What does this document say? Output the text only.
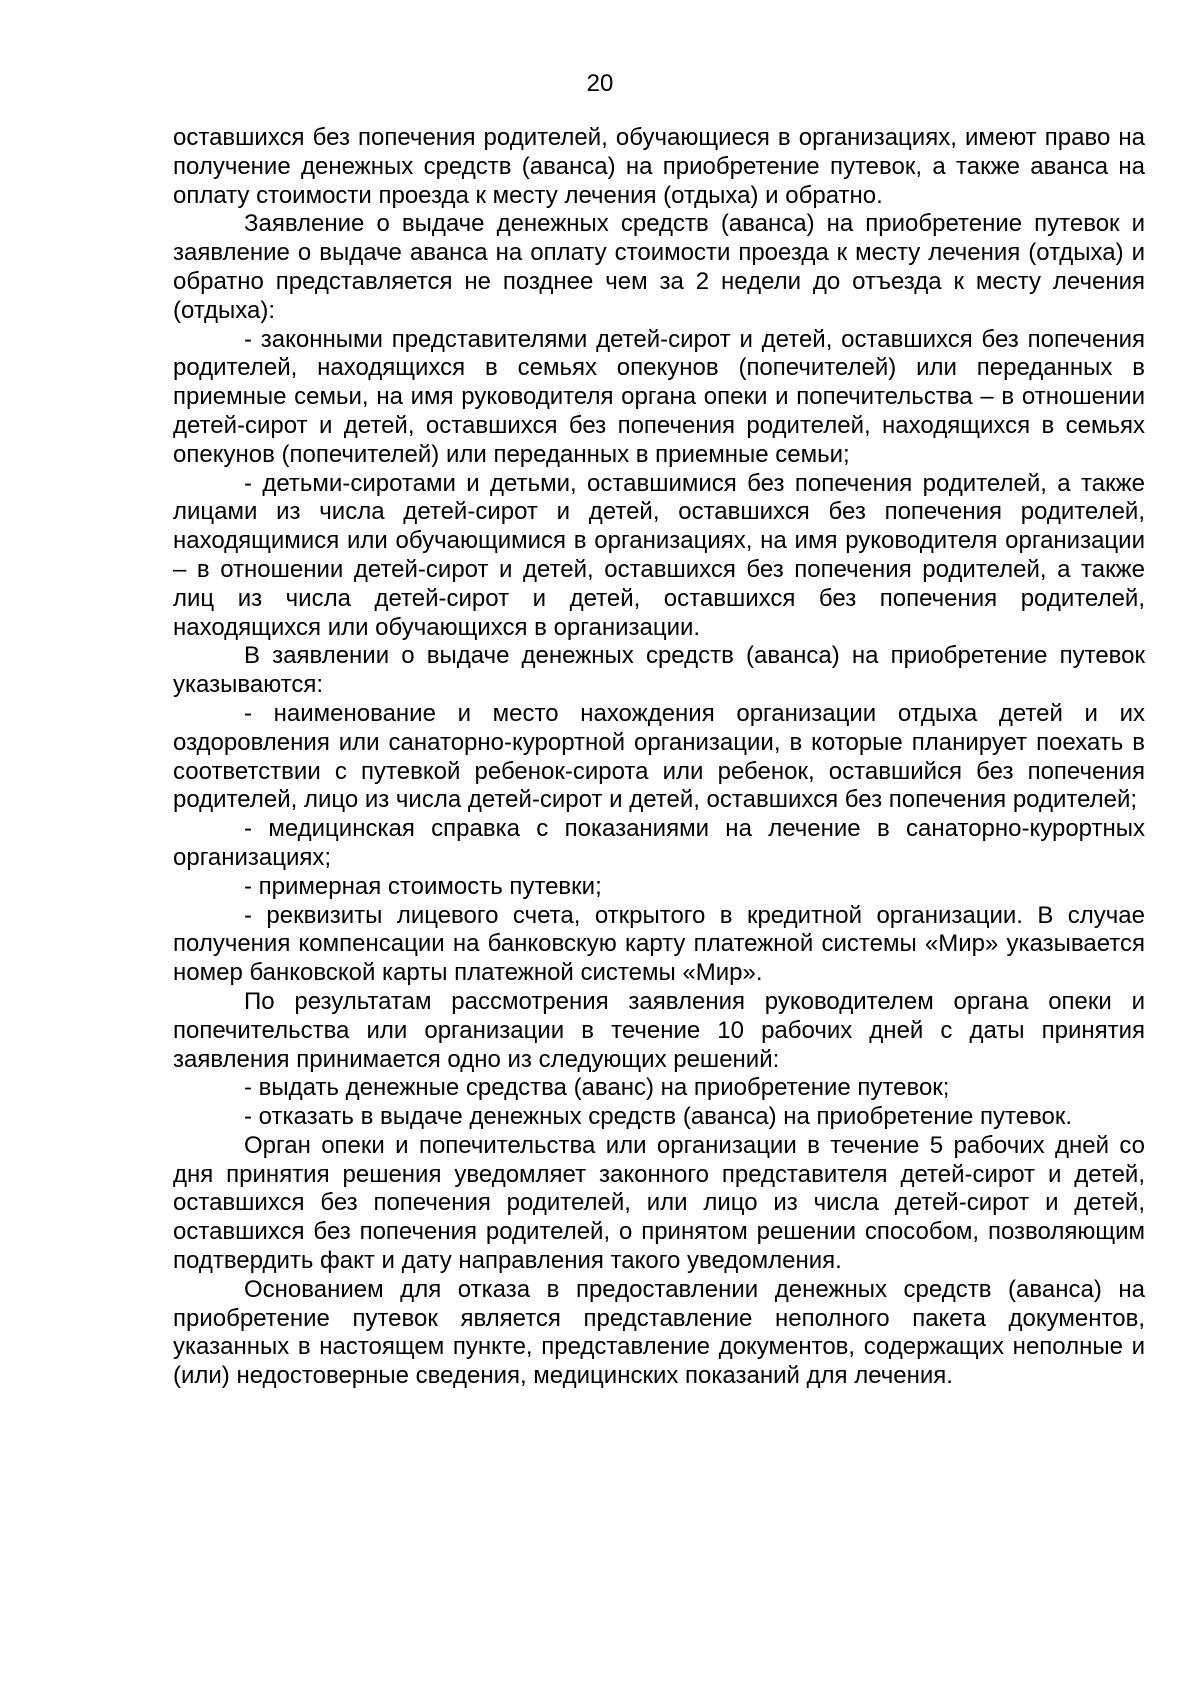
20

оставшихся без попечения родителей, обучающиеся в организациях, имеют право на получение денежных средств (аванса) на приобретение путевок, а также аванса на оплату стоимости проезда к месту лечения (отдыха) и обратно.

Заявление о выдаче денежных средств (аванса) на приобретение путевок и заявление о выдаче аванса на оплату стоимости проезда к месту лечения (отдыха) и обратно представляется не позднее чем за 2 недели до отъезда к месту лечения (отдыха):

- законными представителями детей-сирот и детей, оставшихся без попечения родителей, находящихся в семьях опекунов (попечителей) или переданных в приемные семьи, на имя руководителя органа опеки и попечительства – в отношении детей-сирот и детей, оставшихся без попечения родителей, находящихся в семьях опекунов (попечителей) или переданных в приемные семьи;

- детьми-сиротами и детьми, оставшимися без попечения родителей, а также лицами из числа детей-сирот и детей, оставшихся без попечения родителей, находящимися или обучающимися в организациях, на имя руководителя организации – в отношении детей-сирот и детей, оставшихся без попечения родителей, а также лиц из числа детей-сирот и детей, оставшихся без попечения родителей, находящихся или обучающихся в организации.

В заявлении о выдаче денежных средств (аванса) на приобретение путевок указываются:

- наименование и место нахождения организации отдыха детей и их оздоровления или санаторно-курортной организации, в которые планирует поехать в соответствии с путевкой ребенок-сирота или ребенок, оставшийся без попечения родителей, лицо из числа детей-сирот и детей, оставшихся без попечения родителей;

- медицинская справка с показаниями на лечение в санаторно-курортных организациях;

- примерная стоимость путевки;

- реквизиты лицевого счета, открытого в кредитной организации. В случае получения компенсации на банковскую карту платежной системы «Мир» указывается номер банковской карты платежной системы «Мир».

По результатам рассмотрения заявления руководителем органа опеки и попечительства или организации в течение 10 рабочих дней с даты принятия заявления принимается одно из следующих решений:

- выдать денежные средства (аванс) на приобретение путевок;

- отказать в выдаче денежных средств (аванса) на приобретение путевок.

Орган опеки и попечительства или организации в течение 5 рабочих дней со дня принятия решения уведомляет законного представителя детей-сирот и детей, оставшихся без попечения родителей, или лицо из числа детей-сирот и детей, оставшихся без попечения родителей, о принятом решении способом, позволяющим подтвердить факт и дату направления такого уведомления.

Основанием для отказа в предоставлении денежных средств (аванса) на приобретение путевок является представление неполного пакета документов, указанных в настоящем пункте, представление документов, содержащих неполные и (или) недостоверные сведения, медицинских показаний для лечения.
